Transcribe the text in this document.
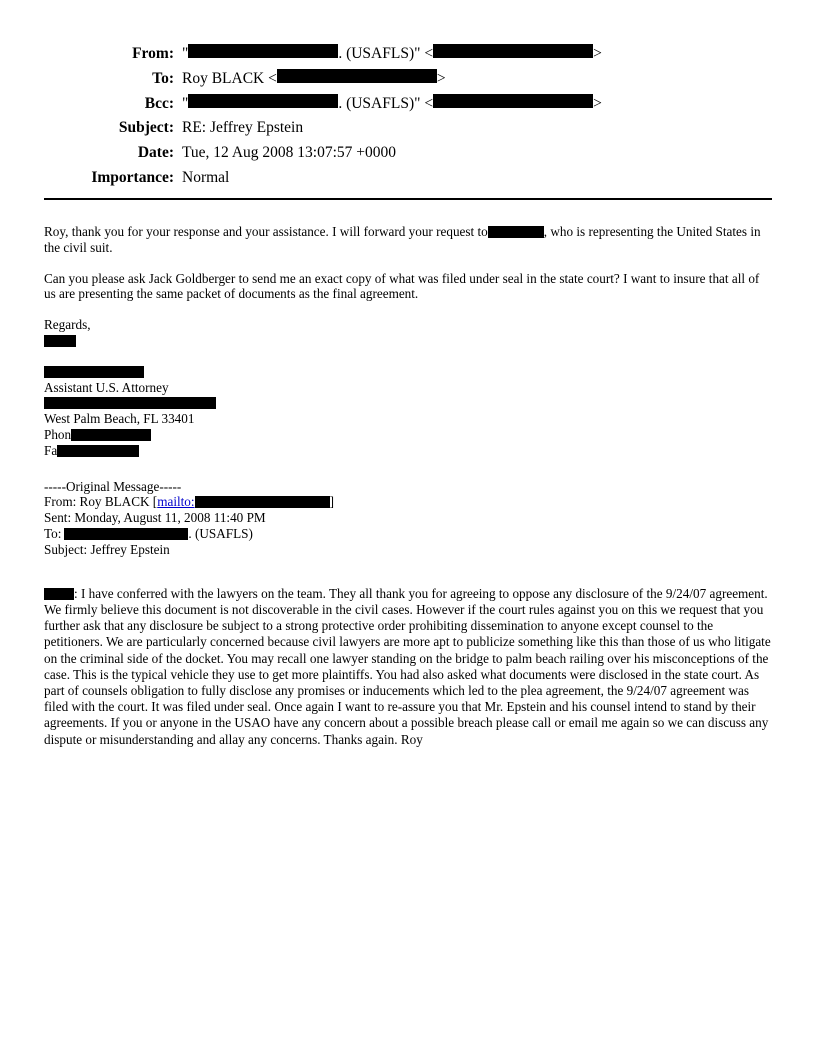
From: "	. (USAFLS)" <	>
To: Roy BLACK <	>
Bcc: "	. (USAFLS)" <	>
Subject: RE: Jeffrey Epstein
Date: Tue, 12 Aug 2008 13:07:57 +0000
Importance: Normal

Roy, thank you for your response and your assistance. I will forward your request to	, who is representing the United States in the civil suit.

Can you please ask Jack Goldberger to send me an exact copy of what was filed under seal in the state court? I want to insure that all of us are presenting the same packet of documents as the final agreement.

Regards,

Assistant U.S. Attorney

West Palm Beach, FL 33401

Phon

Fa

-----Original Message-----

From: Roy BLACK [mailto:	]

Sent: Monday, August 11, 2008 11:40 PM

To:	. (USAFLS)

Subject: Jeffrey Epstein

: I have conferred with the lawyers on the team. They all thank you for agreeing to oppose any disclosure of the 9/24/07 agreement. We firmly believe this document is not discoverable in the civil cases. However if the court rules against you on this we request that you further ask that any disclosure be subject to a strong protective order prohibiting dissemination to anyone except counsel to the petitioners. We are particularly concerned because civil lawyers are more apt to publicize something like this than those of us who litigate on the criminal side of the docket. You may recall one lawyer standing on the bridge to palm beach railing over his misconceptions of the case. This is the typical vehicle they use to get more plaintiffs. You had also asked what documents were disclosed in the state court. As part of counsels obligation to fully disclose any promises or inducements which led to the plea agreement, the 9/24/07 agreement was filed with the court. It was filed under seal. Once again I want to re-assure you that Mr. Epstein and his counsel intend to stand by their agreements. If you or anyone in the USAO have any concern about a possible breach please call or email me again so we can discuss any dispute or misunderstanding and allay any concerns. Thanks again. Roy
